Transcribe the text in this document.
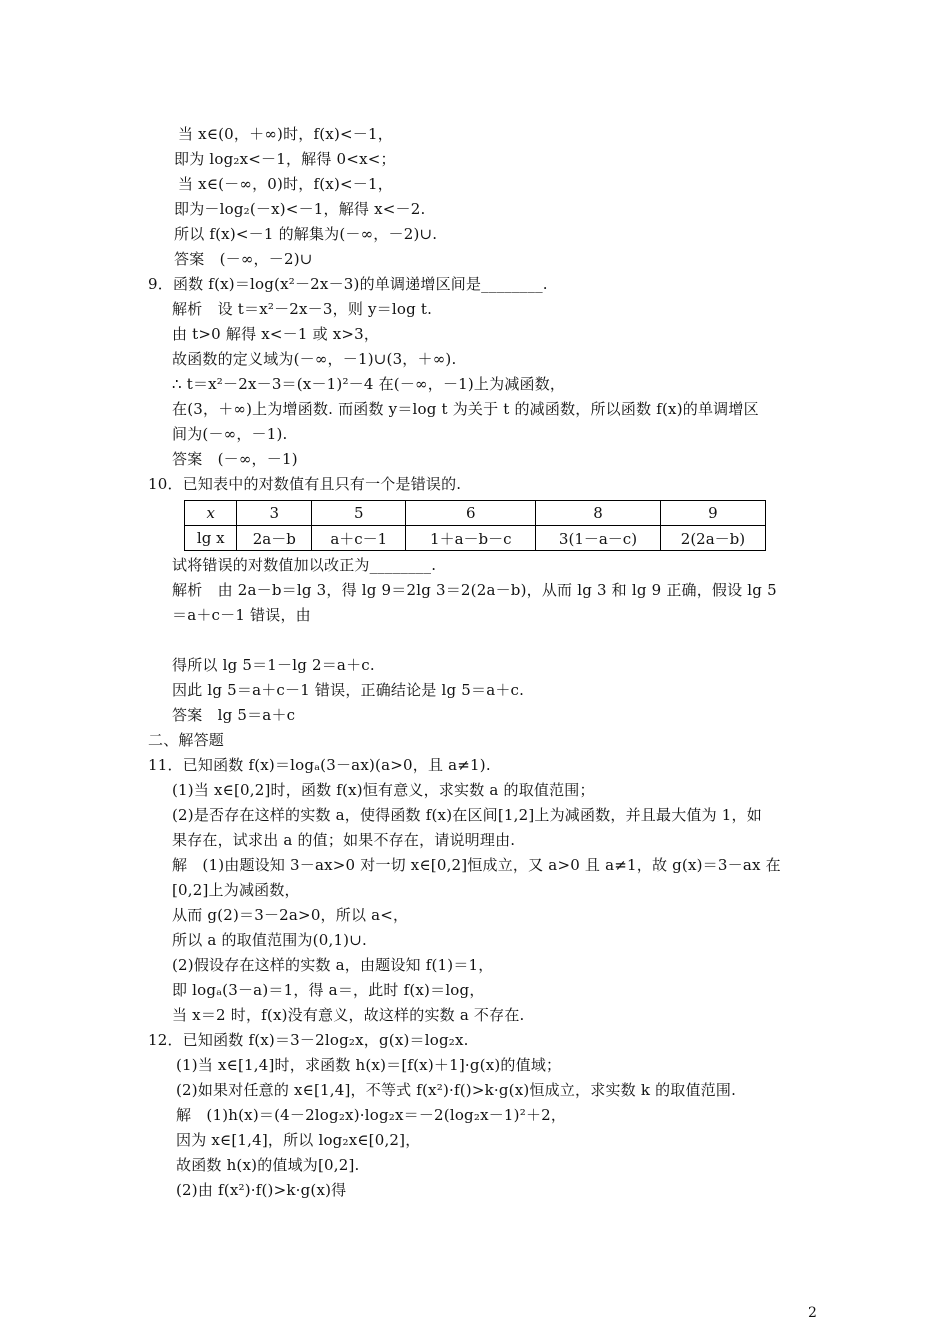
当 x∈(0，＋∞)时，f(x)<－1，
即为 log₂x<－1，解得 0<x<；
当 x∈(－∞，0)时，f(x)<－1，
即为－log₂(－x)<－1，解得 x<－2.
所以 f(x)<－1 的解集为(－∞，－2)∪.
答案　(－∞，－2)∪
9．函数 f(x)＝log(x²－2x－3)的单调递增区间是________.
解析　设 t＝x²－2x－3，则 y＝log t.
由 t>0 解得 x<－1 或 x>3，
故函数的定义域为(－∞，－1)∪(3，＋∞).
∴ t＝x²－2x－3＝(x－1)²－4 在(－∞，－1)上为减函数，
在(3，＋∞)上为增函数. 而函数 y＝log t 为关于 t 的减函数，所以函数 f(x)的单调增区
间为(－∞，－1).
答案　(－∞，－1)
10．已知表中的对数值有且只有一个是错误的.
x	3	5	6	8	9
lg x	2a－b	a＋c－1	1＋a－b－c	3(1－a－c)	2(2a－b)
试将错误的对数值加以改正为________.
解析　由 2a－b＝lg 3，得 lg 9＝2lg 3＝2(2a－b)，从而 lg 3 和 lg 9 正确，假设 lg 5
＝a＋c－1 错误，由
得所以 lg 5＝1－lg 2＝a＋c.
因此 lg 5＝a＋c－1 错误，正确结论是 lg 5＝a＋c.
答案　lg 5＝a＋c
二、解答题
11．已知函数 f(x)＝logₐ(3－ax)(a>0，且 a≠1).
(1)当 x∈[0,2]时，函数 f(x)恒有意义，求实数 a 的取值范围；
(2)是否存在这样的实数 a，使得函数 f(x)在区间[1,2]上为减函数，并且最大值为 1，如
果存在，试求出 a 的值；如果不存在，请说明理由.
解　(1)由题设知 3－ax>0 对一切 x∈[0,2]恒成立，又 a>0 且 a≠1，故 g(x)＝3－ax 在
[0,2]上为减函数，
从而 g(2)＝3－2a>0，所以 a<，
所以 a 的取值范围为(0,1)∪.
(2)假设存在这样的实数 a，由题设知 f(1)＝1，
即 logₐ(3－a)＝1，得 a＝，此时 f(x)＝log，
当 x＝2 时，f(x)没有意义，故这样的实数 a 不存在.
12．已知函数 f(x)＝3－2log₂x，g(x)＝log₂x.
(1)当 x∈[1,4]时，求函数 h(x)＝[f(x)＋1]·g(x)的值域；
(2)如果对任意的 x∈[1,4]，不等式 f(x²)·f()>k·g(x)恒成立，求实数 k 的取值范围.
解　(1)h(x)＝(4－2log₂x)·log₂x＝－2(log₂x－1)²＋2，
因为 x∈[1,4]，所以 log₂x∈[0,2]，
故函数 h(x)的值域为[0,2].
(2)由 f(x²)·f()>k·g(x)得
2
